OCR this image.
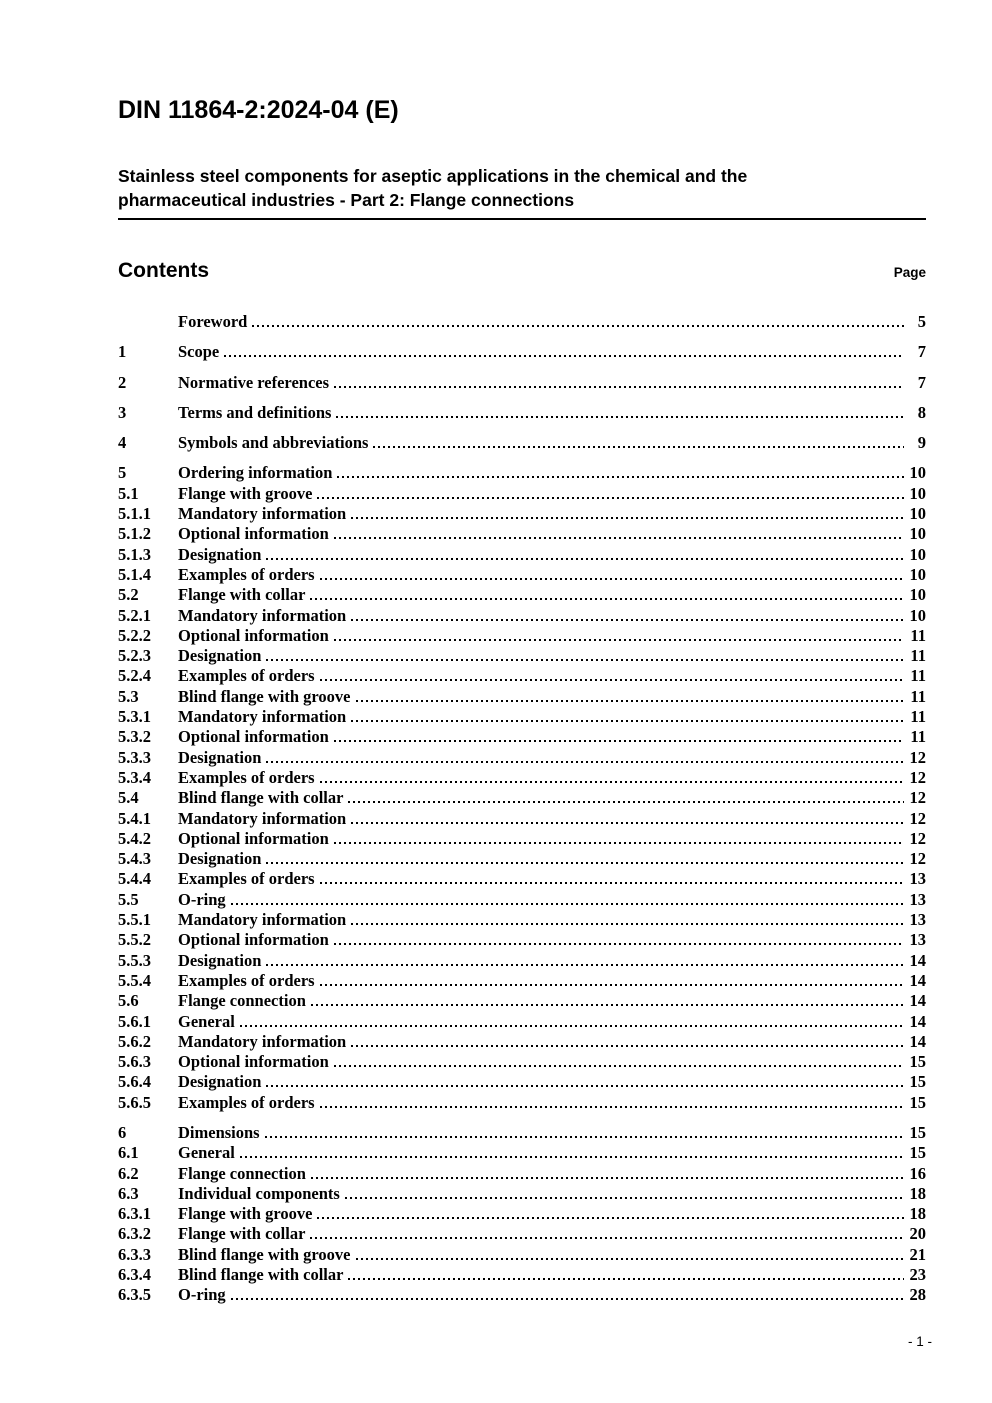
DIN 11864-2:2024-04 (E)
Stainless steel components for aseptic applications in the chemical and the
pharmaceutical industries - Part 2: Flange connections
Contents	Page
Foreword	5
1	Scope	7
2	Normative references	7
3	Terms and definitions	8
4	Symbols and abbreviations	9
5	Ordering information	10
5.1	Flange with groove	10
5.1.1	Mandatory information	10
5.1.2	Optional information	10
5.1.3	Designation	10
5.1.4	Examples of orders	10
5.2	Flange with collar	10
5.2.1	Mandatory information	10
5.2.2	Optional information	11
5.2.3	Designation	11
5.2.4	Examples of orders	11
5.3	Blind flange with groove	11
5.3.1	Mandatory information	11
5.3.2	Optional information	11
5.3.3	Designation	12
5.3.4	Examples of orders	12
5.4	Blind flange with collar	12
5.4.1	Mandatory information	12
5.4.2	Optional information	12
5.4.3	Designation	12
5.4.4	Examples of orders	13
5.5	O-ring	13
5.5.1	Mandatory information	13
5.5.2	Optional information	13
5.5.3	Designation	14
5.5.4	Examples of orders	14
5.6	Flange connection	14
5.6.1	General	14
5.6.2	Mandatory information	14
5.6.3	Optional information	15
5.6.4	Designation	15
5.6.5	Examples of orders	15
6	Dimensions	15
6.1	General	15
6.2	Flange connection	16
6.3	Individual components	18
6.3.1	Flange with groove	18
6.3.2	Flange with collar	20
6.3.3	Blind flange with groove	21
6.3.4	Blind flange with collar	23
6.3.5	O-ring	28
- 1 -
